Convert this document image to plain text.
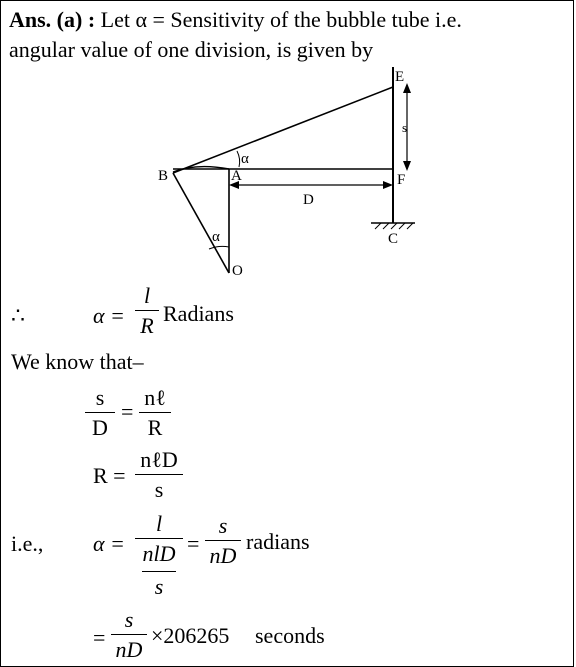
Ans. (a) : Let α = Sensitivity of the bubble tube i.e.
angular value of one division, is given by
E
F
B	A
C
O
D
s
α
α
∴	α =
l
R Radians
We know that–
s
D
=
nℓ
R
R =
nℓD
s
i.e., α =
l
nlD
s
=
s
nD
radians
=
s
nD
×206265 seconds
